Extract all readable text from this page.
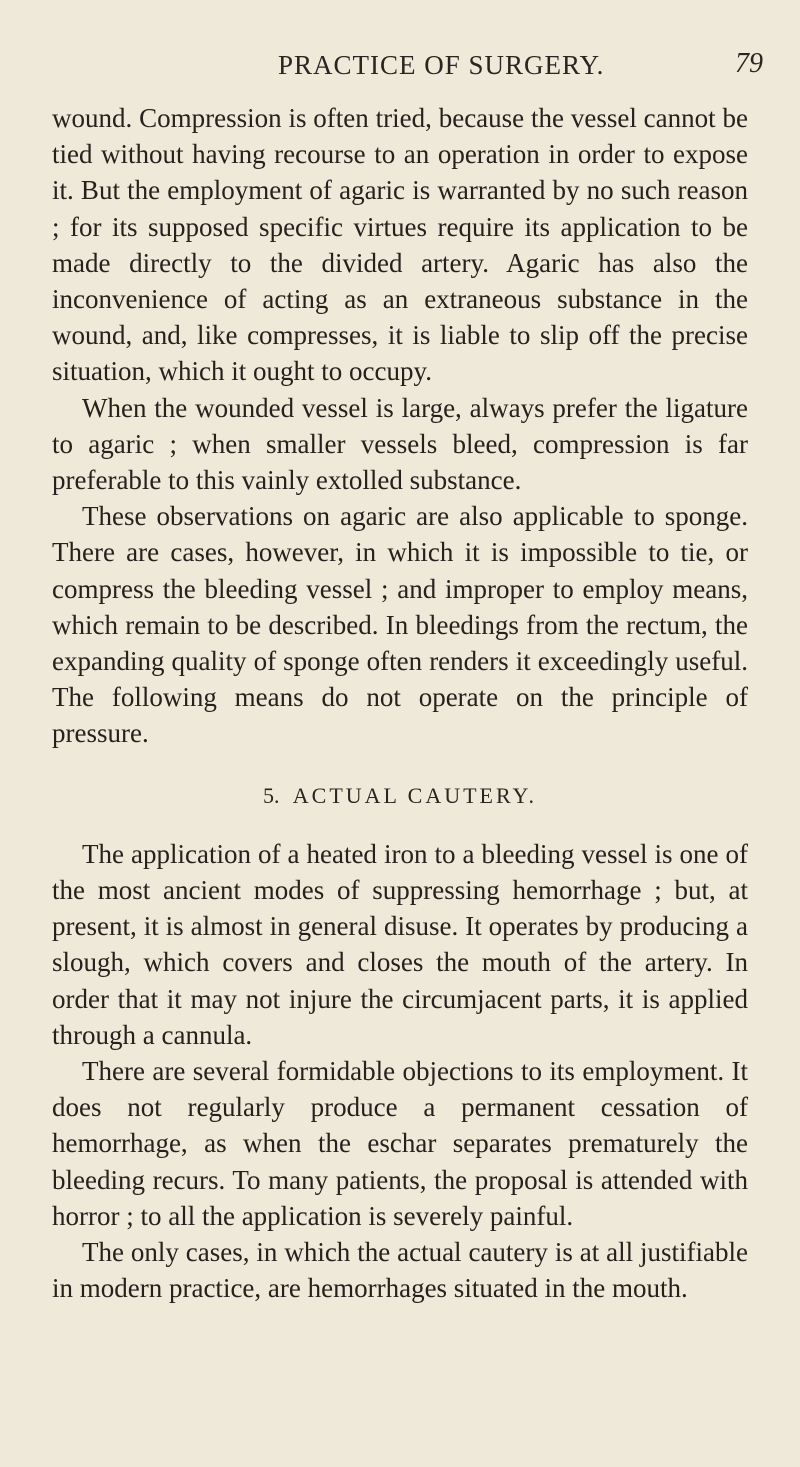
PRACTICE OF SURGERY.	79

wound. Compression is often tried, because the vessel cannot be tied without having recourse to an operation in order to expose it. But the employment of agaric is warranted by no such reason ; for its supposed specific virtues require its application to be made directly to the divided artery. Agaric has also the inconvenience of acting as an extraneous substance in the wound, and, like compresses, it is liable to slip off the precise situation, which it ought to occupy.

When the wounded vessel is large, always prefer the ligature to agaric ; when smaller vessels bleed, compression is far preferable to this vainly extolled substance.

These observations on agaric are also applicable to sponge. There are cases, however, in which it is impossible to tie, or compress the bleeding vessel ; and improper to employ means, which remain to be described. In bleedings from the rectum, the expanding quality of sponge often renders it exceedingly useful. The following means do not operate on the principle of pressure.

5. ACTUAL CAUTERY.

The application of a heated iron to a bleeding vessel is one of the most ancient modes of suppressing hemorrhage ; but, at present, it is almost in general disuse. It operates by producing a slough, which covers and closes the mouth of the artery. In order that it may not injure the circumjacent parts, it is applied through a cannula.

There are several formidable objections to its employment. It does not regularly produce a permanent cessation of hemorrhage, as when the eschar separates prematurely the bleeding recurs. To many patients, the proposal is attended with horror ; to all the application is severely painful.

The only cases, in which the actual cautery is at all justifiable in modern practice, are hemorrhages situated in the mouth.
